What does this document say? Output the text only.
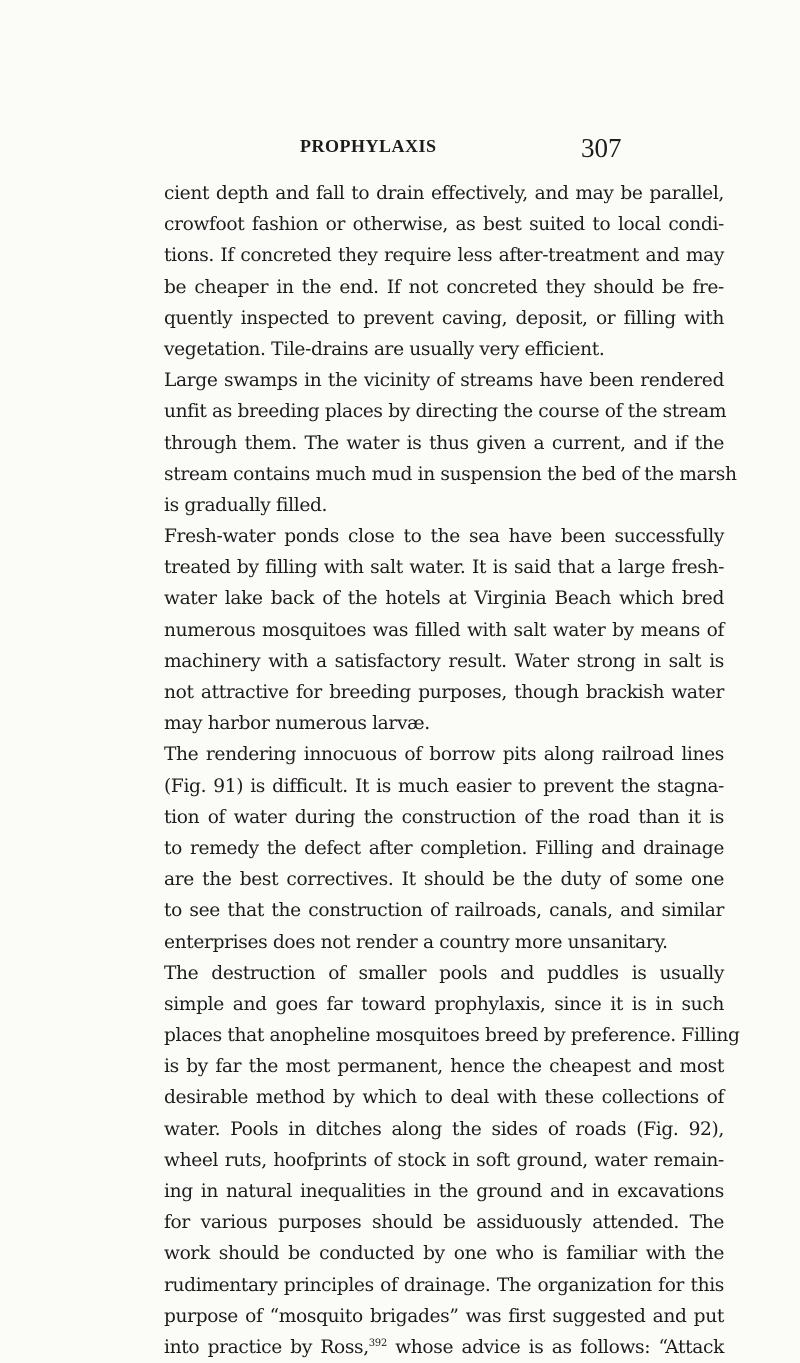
PROPHYLAXIS	307

cient depth and fall to drain effectively, and may be parallel,
crowfoot fashion or otherwise, as best suited to local condi-
tions. If concreted they require less after-treatment and may
be cheaper in the end. If not concreted they should be fre-
quently inspected to prevent caving, deposit, or filling with
vegetation. Tile-drains are usually very efficient.

Large swamps in the vicinity of streams have been rendered
unfit as breeding places by directing the course of the stream
through them. The water is thus given a current, and if the
stream contains much mud in suspension the bed of the marsh
is gradually filled.

Fresh-water ponds close to the sea have been successfully
treated by filling with salt water. It is said that a large fresh-
water lake back of the hotels at Virginia Beach which bred
numerous mosquitoes was filled with salt water by means of
machinery with a satisfactory result. Water strong in salt is
not attractive for breeding purposes, though brackish water
may harbor numerous larvæ.

The rendering innocuous of borrow pits along railroad lines
(Fig. 91) is difficult. It is much easier to prevent the stagna-
tion of water during the construction of the road than it is
to remedy the defect after completion. Filling and drainage
are the best correctives. It should be the duty of some one
to see that the construction of railroads, canals, and similar
enterprises does not render a country more unsanitary.

The destruction of smaller pools and puddles is usually
simple and goes far toward prophylaxis, since it is in such
places that anopheline mosquitoes breed by preference. Filling
is by far the most permanent, hence the cheapest and most
desirable method by which to deal with these collections of
water. Pools in ditches along the sides of roads (Fig. 92),
wheel ruts, hoofprints of stock in soft ground, water remain-
ing in natural inequalities in the ground and in excavations
for various purposes should be assiduously attended. The
work should be conducted by one who is familiar with the
rudimentary principles of drainage. The organization for this
purpose of “mosquito brigades” was first suggested and put
into practice by Ross,$^{392}$ whose advice is as follows: “Attack
